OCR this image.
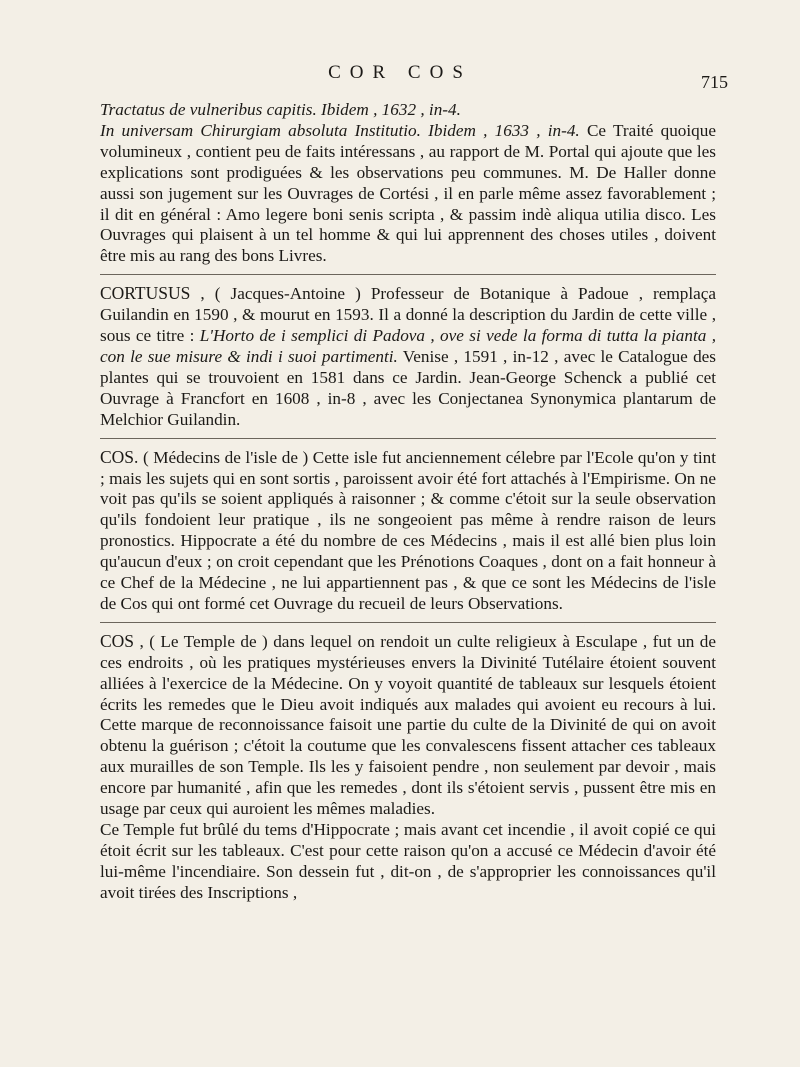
COR COS	715

Tractatus de vulneribus capitis. Ibidem , 1632 , in-4.

In universam Chirurgiam absoluta Institutio. Ibidem , 1633 , in-4. Ce Traité quoique volumineux , contient peu de faits intéressans , au rapport de M. Portal qui ajoute que les explications sont prodiguées & les observations peu communes. M. De Haller donne aussi son jugement sur les Ouvrages de Cortési , il en parle même assez favorablement ; il dit en général : Amo legere boni senis scripta , & passim indè aliqua utilia disco. Les Ouvrages qui plaisent à un tel homme & qui lui apprennent des choses utiles , doivent être mis au rang des bons Livres.

CORTUSUS , ( Jacques-Antoine ) Professeur de Botanique à Padoue , remplaça Guilandin en 1590 , & mourut en 1593. Il a donné la description du Jardin de cette ville , sous ce titre : L'Horto de i semplici di Padova , ove si vede la forma di tutta la pianta , con le sue misure & indi i suoi partimenti. Venise , 1591 , in-12 , avec le Catalogue des plantes qui se trouvoient en 1581 dans ce Jardin. Jean-George Schenck a publié cet Ouvrage à Francfort en 1608 , in-8 , avec les Conjectanea Synonymica plantarum de Melchior Guilandin.

COS. ( Médecins de l'isle de ) Cette isle fut anciennement célebre par l'Ecole qu'on y tint ; mais les sujets qui en sont sortis , paroissent avoir été fort attachés à l'Empirisme. On ne voit pas qu'ils se soient appliqués à raisonner ; & comme c'étoit sur la seule observation qu'ils fondoient leur pratique , ils ne songeoient pas même à rendre raison de leurs pronostics. Hippocrate a été du nombre de ces Médecins , mais il est allé bien plus loin qu'aucun d'eux ; on croit cependant que les Prénotions Coaques , dont on a fait honneur à ce Chef de la Médecine , ne lui appartiennent pas , & que ce sont les Médecins de l'isle de Cos qui ont formé cet Ouvrage du recueil de leurs Observations.

COS , ( Le Temple de ) dans lequel on rendoit un culte religieux à Esculape , fut un de ces endroits , où les pratiques mystérieuses envers la Divinité Tutélaire étoient souvent alliées à l'exercice de la Médecine. On y voyoit quantité de tableaux sur lesquels étoient écrits les remedes que le Dieu avoit indiqués aux malades qui avoient eu recours à lui. Cette marque de reconnoissance faisoit une partie du culte de la Divinité de qui on avoit obtenu la guérison ; c'étoit la coutume que les convalescens fissent attacher ces tableaux aux murailles de son Temple. Ils les y faisoient pendre , non seulement par devoir , mais encore par humanité , afin que les remedes , dont ils s'étoient servis , pussent être mis en usage par ceux qui auroient les mêmes maladies.

Ce Temple fut brûlé du tems d'Hippocrate ; mais avant cet incendie , il avoit copié ce qui étoit écrit sur les tableaux. C'est pour cette raison qu'on a accusé ce Médecin d'avoir été lui-même l'incendiaire. Son dessein fut , dit-on , de s'approprier les connoissances qu'il avoit tirées des Inscriptions ,
